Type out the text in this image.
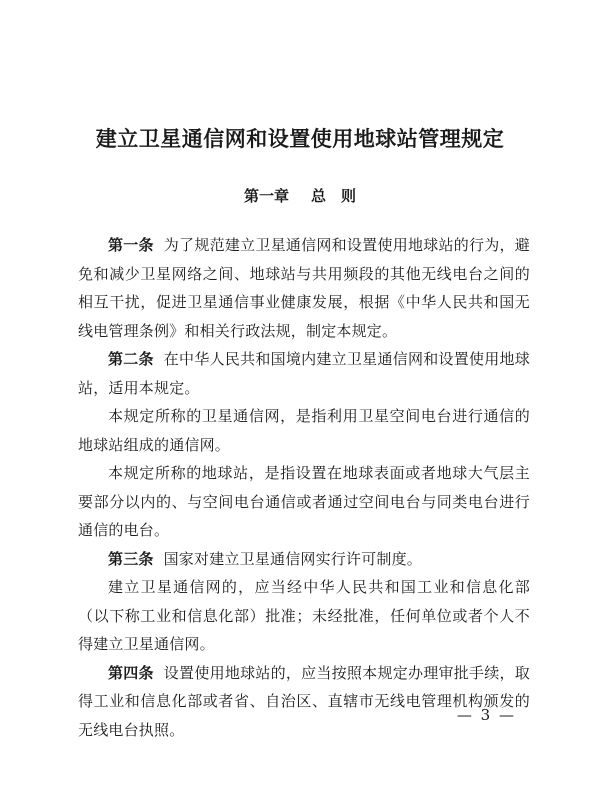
建立卫星通信网和设置使用地球站管理规定
第一章 总　则

第一条 为了规范建立卫星通信网和设置使用地球站的行为，避免和减少卫星网络之间、地球站与共用频段的其他无线电台之间的相互干扰，促进卫星通信事业健康发展，根据《中华人民共和国无线电管理条例》和相关行政法规，制定本规定。

第二条 在中华人民共和国境内建立卫星通信网和设置使用地球站，适用本规定。

本规定所称的卫星通信网，是指利用卫星空间电台进行通信的地球站组成的通信网。

本规定所称的地球站，是指设置在地球表面或者地球大气层主要部分以内的、与空间电台通信或者通过空间电台与同类电台进行通信的电台。

第三条 国家对建立卫星通信网实行许可制度。

建立卫星通信网的，应当经中华人民共和国工业和信息化部（以下称工业和信息化部）批准；未经批准，任何单位或者个人不得建立卫星通信网。

第四条 设置使用地球站的，应当按照本规定办理审批手续，取得工业和信息化部或者省、自治区、直辖市无线电管理机构颁发的无线电台执照。

— 3 —
